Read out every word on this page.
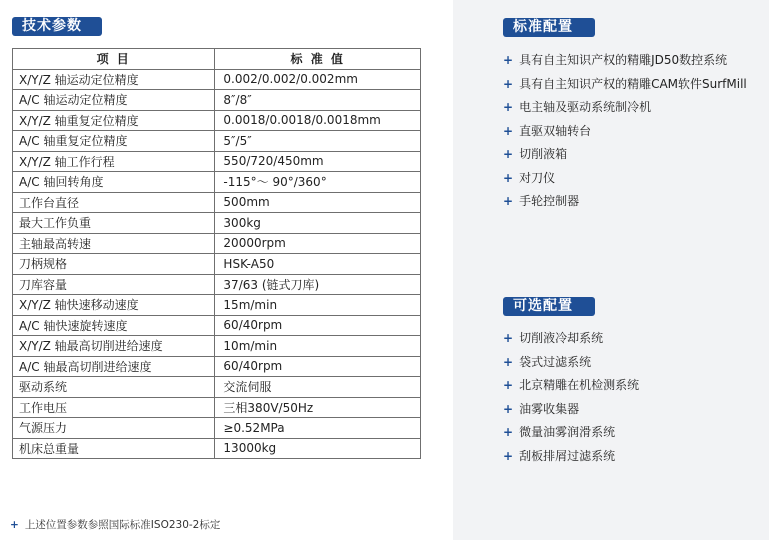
技术参数
项 目	标 准 值
X/Y/Z 轴运动定位精度	0.002/0.002/0.002mm
A/C 轴运动定位精度	8″/8″
X/Y/Z 轴重复定位精度	0.0018/0.0018/0.0018mm
A/C 轴重复定位精度	5″/5″
X/Y/Z 轴工作行程	550/720/450mm
A/C 轴回转角度	-115°～ 90°/360°
工作台直径	500mm
最大工作负重	300kg
主轴最高转速	20000rpm
刀柄规格	HSK-A50
刀库容量	37/63 (链式刀库)
X/Y/Z 轴快速移动速度	15m/min
A/C 轴快速旋转速度	60/40rpm
X/Y/Z 轴最高切削进给速度	10m/min
A/C 轴最高切削进给速度	60/40rpm
驱动系统	交流伺服
工作电压	三相380V/50Hz
气源压力	≥0.52MPa
机床总重量	13000kg
+ 上述位置参数参照国际标准ISO230-2标定
标准配置
+ 具有自主知识产权的精雕JD50数控系统
+ 具有自主知识产权的精雕CAM软件SurfMill
+ 电主轴及驱动系统制冷机
+ 直驱双轴转台
+ 切削液箱
+ 对刀仪
+ 手轮控制器
可选配置
+ 切削液冷却系统
+ 袋式过滤系统
+ 北京精雕在机检测系统
+ 油雾收集器
+ 微量油雾润滑系统
+ 刮板排屑过滤系统
